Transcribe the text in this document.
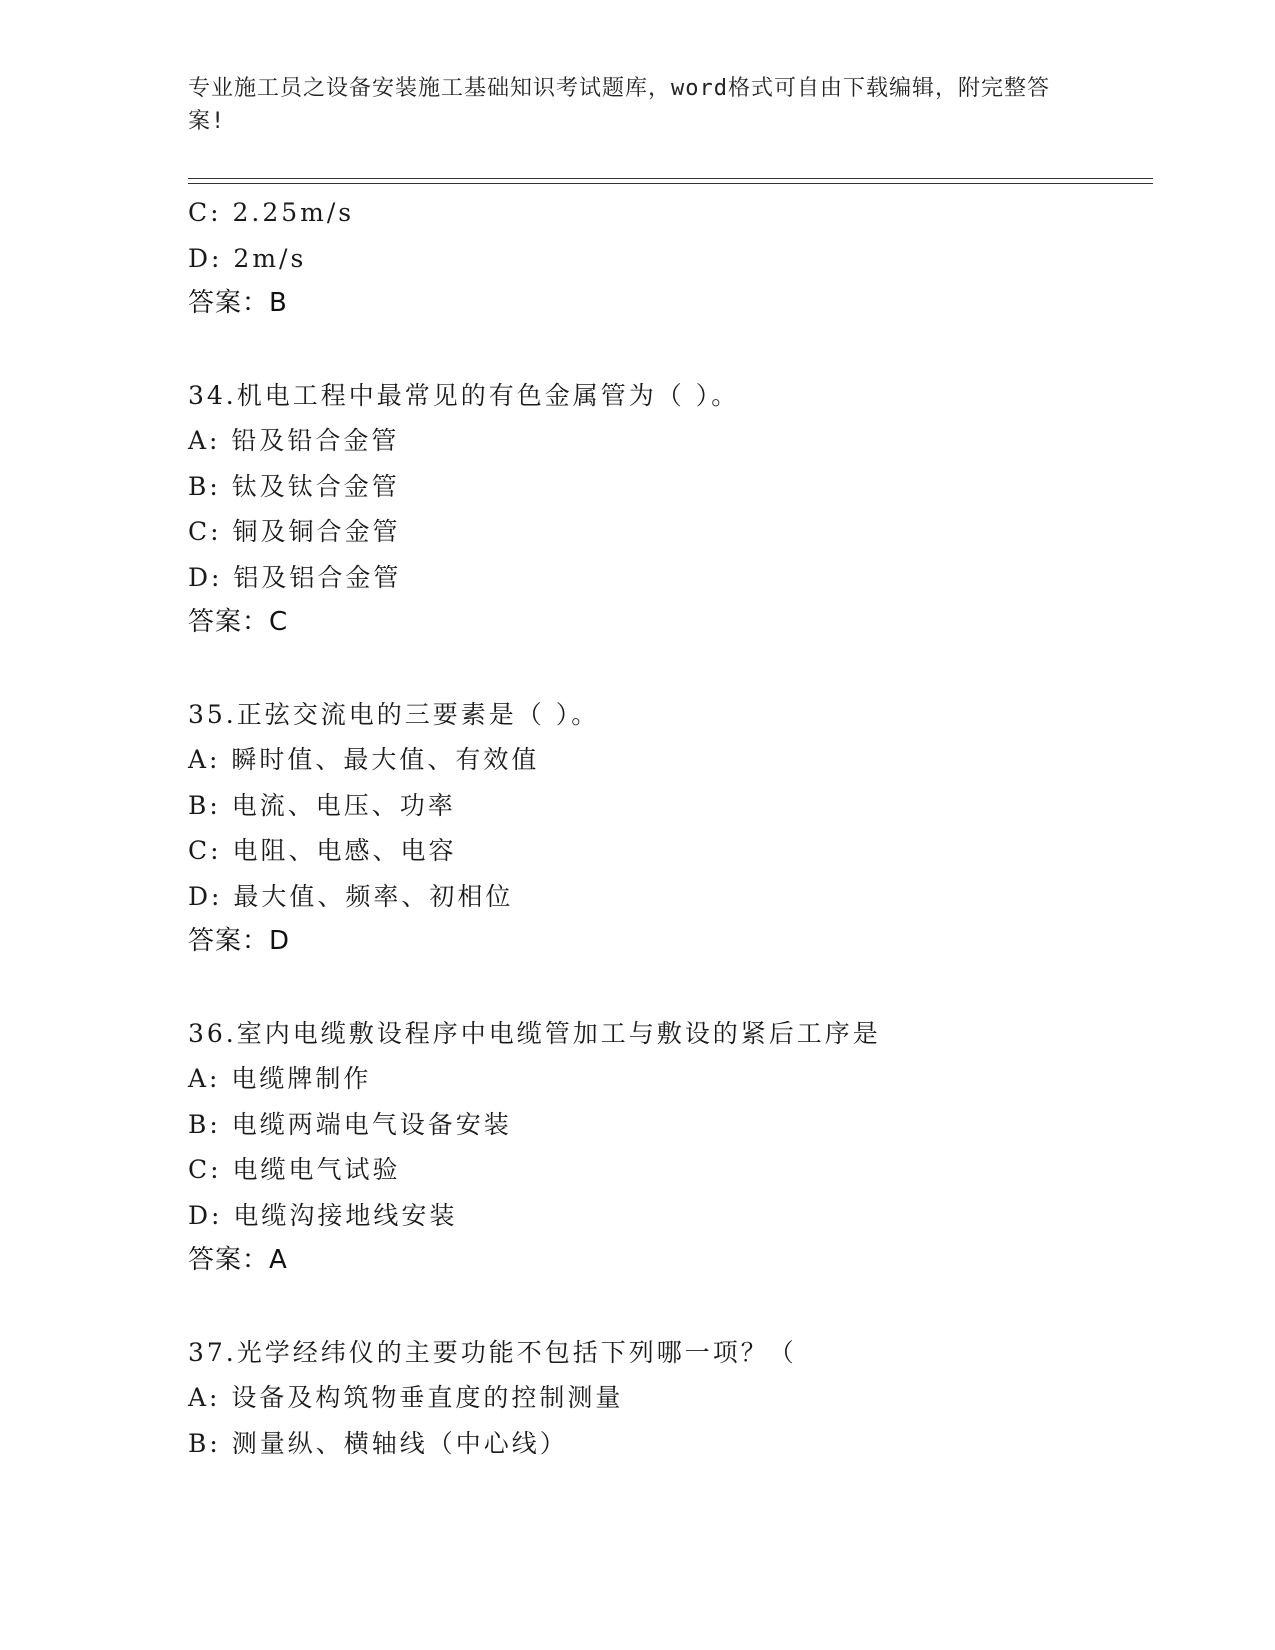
专业施工员之设备安装施工基础知识考试题库，word格式可自由下载编辑，附完整答案!
C: 2.25m/s
D: 2m/s
答案：B
34.机电工程中最常见的有色金属管为（ ）。
A: 铅及铅合金管
B: 钛及钛合金管
C: 铜及铜合金管
D: 铝及铝合金管
答案：C
35.正弦交流电的三要素是（ ）。
A: 瞬时值、最大值、有效值
B: 电流、电压、功率
C: 电阻、电感、电容
D: 最大值、频率、初相位
答案：D
36.室内电缆敷设程序中电缆管加工与敷设的紧后工序是
A: 电缆牌制作
B: 电缆两端电气设备安装
C: 电缆电气试验
D: 电缆沟接地线安装
答案：A
37.光学经纬仪的主要功能不包括下列哪一项？（
A: 设备及构筑物垂直度的控制测量
B: 测量纵、横轴线（中心线）
